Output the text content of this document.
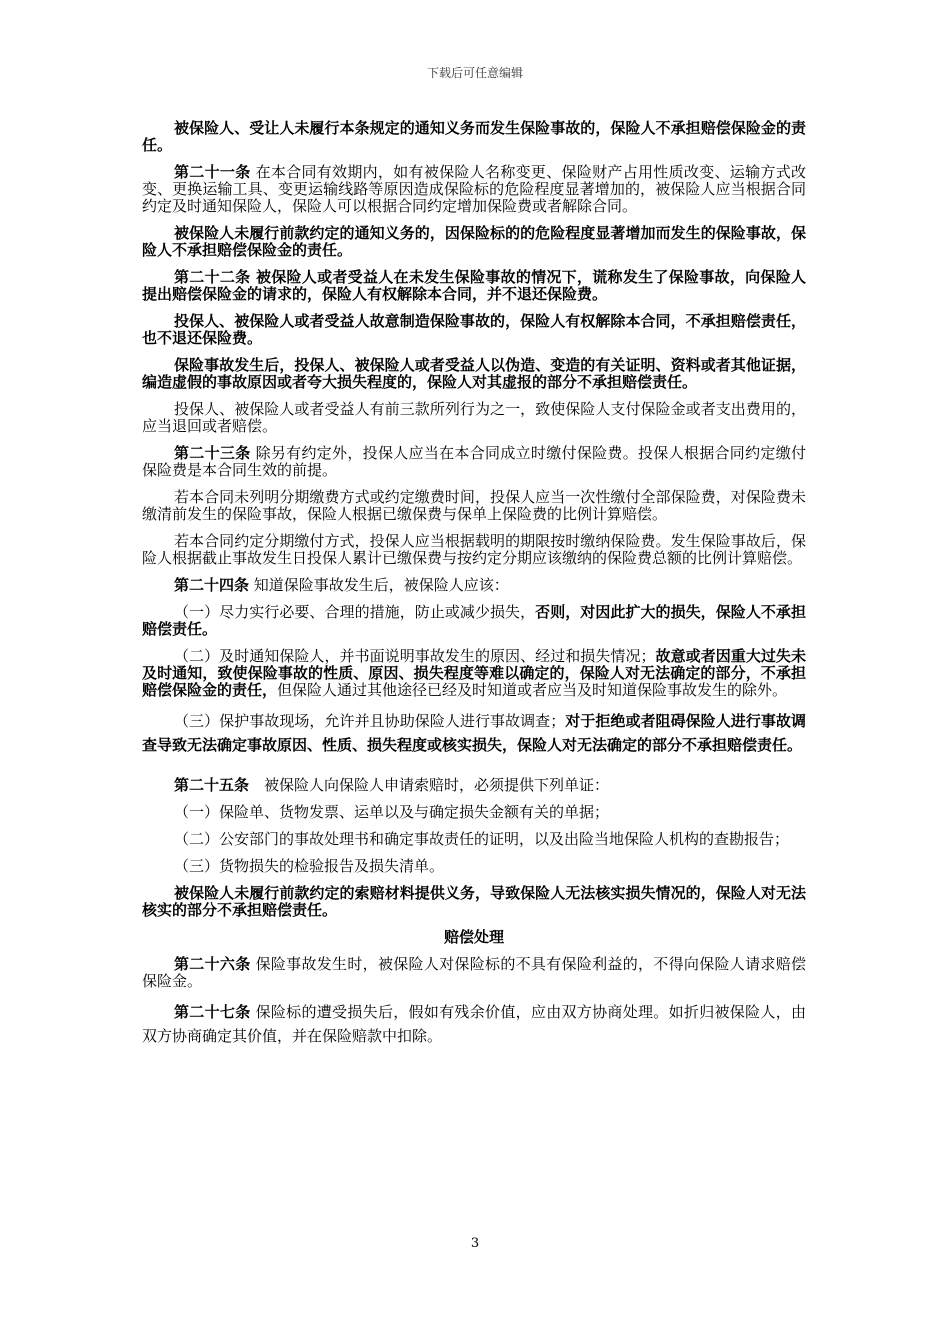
下载后可任意编辑

被保险人、受让人未履行本条规定的通知义务而发生保险事故的，保险人不承担赔偿保险金的责任。

第二十一条 在本合同有效期内，如有被保险人名称变更、保险财产占用性质改变、运输方式改变、更换运输工具、变更运输线路等原因造成保险标的危险程度显著增加的，被保险人应当根据合同约定及时通知保险人，保险人可以根据合同约定增加保险费或者解除合同。

被保险人未履行前款约定的通知义务的，因保险标的的危险程度显著增加而发生的保险事故，保险人不承担赔偿保险金的责任。

第二十二条 被保险人或者受益人在未发生保险事故的情况下，谎称发生了保险事故，向保险人提出赔偿保险金的请求的，保险人有权解除本合同，并不退还保险费。

投保人、被保险人或者受益人故意制造保险事故的，保险人有权解除本合同，不承担赔偿责任，也不退还保险费。

保险事故发生后，投保人、被保险人或者受益人以伪造、变造的有关证明、资料或者其他证据，编造虚假的事故原因或者夸大损失程度的，保险人对其虚报的部分不承担赔偿责任。

投保人、被保险人或者受益人有前三款所列行为之一，致使保险人支付保险金或者支出费用的，应当退回或者赔偿。

第二十三条 除另有约定外，投保人应当在本合同成立时缴付保险费。投保人根据合同约定缴付保险费是本合同生效的前提。

若本合同未列明分期缴费方式或约定缴费时间，投保人应当一次性缴付全部保险费，对保险费未缴清前发生的保险事故，保险人根据已缴保费与保单上保险费的比例计算赔偿。

若本合同约定分期缴付方式，投保人应当根据载明的期限按时缴纳保险费。发生保险事故后，保险人根据截止事故发生日投保人累计已缴保费与按约定分期应该缴纳的保险费总额的比例计算赔偿。

第二十四条 知道保险事故发生后，被保险人应该：

（一）尽力实行必要、合理的措施，防止或减少损失，否则，对因此扩大的损失，保险人不承担赔偿责任。

（二）及时通知保险人，并书面说明事故发生的原因、经过和损失情况；故意或者因重大过失未及时通知，致使保险事故的性质、原因、损失程度等难以确定的，保险人对无法确定的部分，不承担赔偿保险金的责任，但保险人通过其他途径已经及时知道或者应当及时知道保险事故发生的除外。

（三）保护事故现场，允许并且协助保险人进行事故调查；对于拒绝或者阻碍保险人进行事故调查导致无法确定事故原因、性质、损失程度或核实损失，保险人对无法确定的部分不承担赔偿责任。

第二十五条　被保险人向保险人申请索赔时，必须提供下列单证：

（一）保险单、货物发票、运单以及与确定损失金额有关的单据；

（二）公安部门的事故处理书和确定事故责任的证明，以及出险当地保险人机构的查勘报告；

（三）货物损失的检验报告及损失清单。

被保险人未履行前款约定的索赔材料提供义务，导致保险人无法核实损失情况的，保险人对无法核实的部分不承担赔偿责任。

赔偿处理

第二十六条 保险事故发生时，被保险人对保险标的不具有保险利益的，不得向保险人请求赔偿保险金。

第二十七条 保险标的遭受损失后，假如有残余价值，应由双方协商处理。如折归被保险人，由双方协商确定其价值，并在保险赔款中扣除。

3
